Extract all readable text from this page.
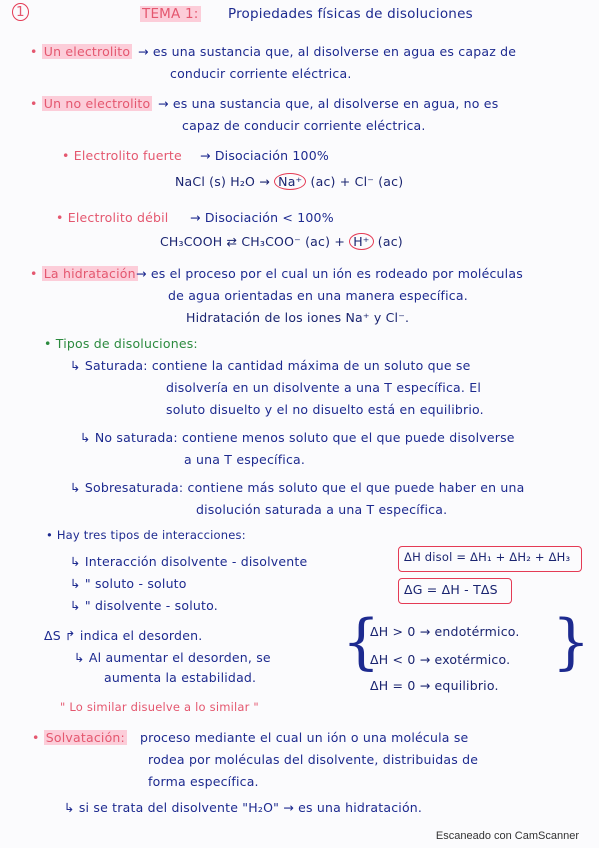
1	TEMA 1: Propiedades físicas de disoluciones
• Un electrolito → es una sustancia que, al disolverse en agua es capaz de
conducir corriente eléctrica.
• Un no electrolito → es una sustancia que, al disolverse en agua, no es
capaz de conducir corriente eléctrica.
• Electrolito fuerte → Disociación 100%
NaCl (s) H₂O → Na⁺ (ac) + Cl⁻ (ac)
• Electrolito débil → Disociación < 100%
CH₃COOH ⇄ CH₃COO⁻ (ac) + H⁺ (ac)
• La hidratación → es el proceso por el cual un ión es rodeado por moléculas
de agua orientadas en una manera específica.
Hidratación de los iones Na⁺ y Cl⁻.
• Tipos de disoluciones:
↳ Saturada: contiene la cantidad máxima de un soluto que se
disolvería en un disolvente a una T específica. El
soluto disuelto y el no disuelto está en equilibrio.
↳ No saturada: contiene menos soluto que el que puede disolverse
a una T específica.
↳ Sobresaturada: contiene más soluto que el que puede haber en una
disolución saturada a una T específica.
• Hay tres tipos de interacciones:
↳ Interacción disolvente - disolvente
↳ " soluto - soluto
↳ " disolvente - soluto.
ΔH disol = ΔH₁ + ΔH₂ + ΔH₃
ΔG = ΔH - TΔS
ΔS ↱ indica el desorden.
↳ Al aumentar el desorden, se
aumenta la estabilidad.
{
ΔH > 0 → endotérmico.
ΔH < 0 → exotérmico.
ΔH = 0 → equilibrio.
}
" Lo similar disuelve a lo similar "
• Solvatación: proceso mediante el cual un ión o una molécula se
rodea por moléculas del disolvente, distribuidas de
forma específica.
↳ si se trata del disolvente "H₂O" → es una hidratación.
Escaneado con CamScanner
